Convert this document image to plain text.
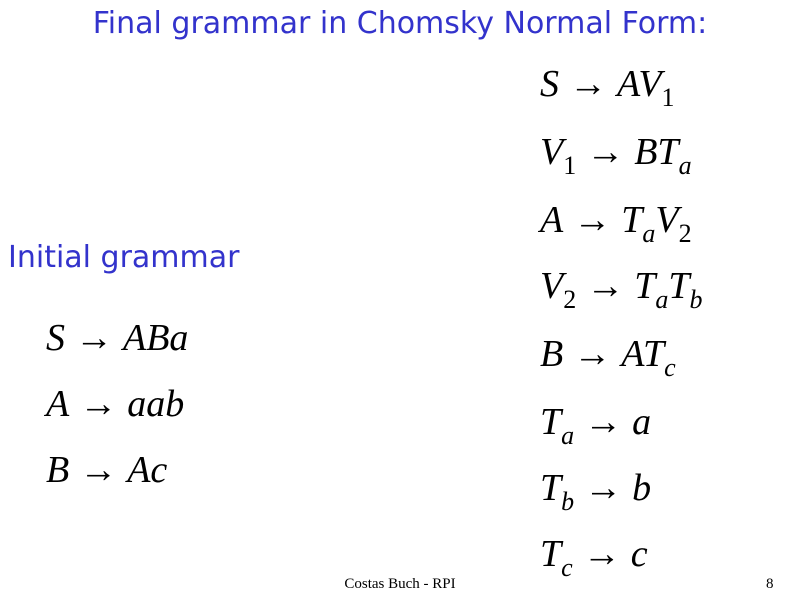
Final grammar in Chomsky Normal Form:
Initial grammar
S → ABa
A → aab
B → Ac
$S \to AV_1$
$V_1 \to BT_a$
$A \to T_aV_2$
$V_2 \to T_aT_b$
$B \to AT_c$
$T_a \to a$
$T_b \to b$
$T_c \to c$
Costas Buch - RPI	8
